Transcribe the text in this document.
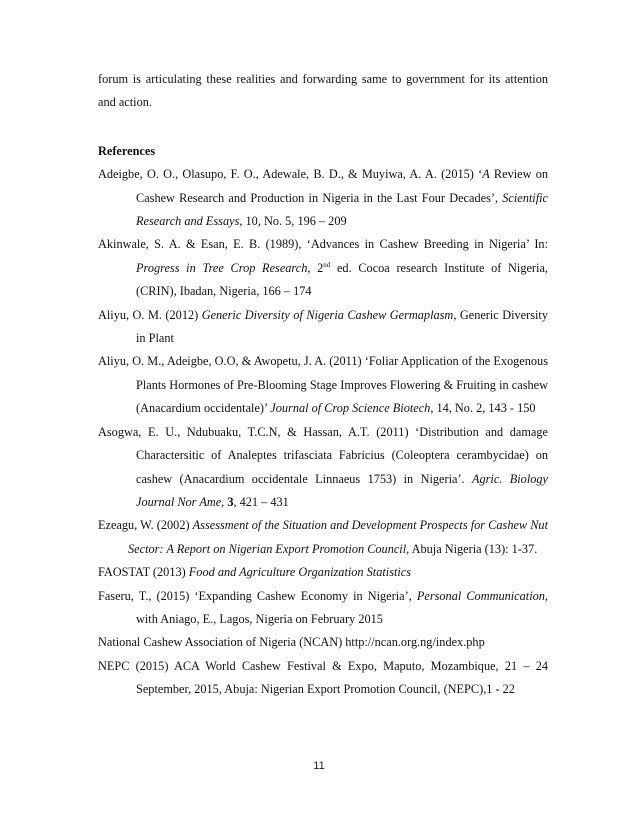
forum is articulating these realities and forwarding same to government for its attention
and action.

References

Adeigbe, O. O., Olasupo, F. O., Adewale, B. D., & Muyiwa, A. A. (2015) ‘A Review on Cashew Research and Production in Nigeria in the Last Four Decades’, Scientific Research and Essays, 10, No. 5, 196 – 209

Akinwale, S. A. & Esan, E. B. (1989), ‘Advances in Cashew Breeding in Nigeria’ In: Progress in Tree Crop Research, 2nd ed. Cocoa research Institute of Nigeria, (CRIN), Ibadan, Nigeria, 166 – 174

Aliyu, O. M. (2012) Generic Diversity of Nigeria Cashew Germaplasm, Generic Diversity in Plant

Aliyu, O. M., Adeigbe, O.O, & Awopetu, J. A. (2011) ‘Foliar Application of the Exogenous Plants Hormones of Pre-Blooming Stage Improves Flowering & Fruiting in cashew (Anacardium occidentale)’ Journal of Crop Science Biotech, 14, No. 2, 143 - 150

Asogwa, E. U., Ndubuaku, T.C.N, & Hassan, A.T. (2011) ‘Distribution and damage Charactersitic of Analeptes trifasciata Fabricius (Coleoptera cerambycidae) on cashew (Anacardium occidentale Linnaeus 1753) in Nigeria’. Agric. Biology Journal Nor Ame, 3, 421 – 431

Ezeagu, W. (2002) Assessment of the Situation and Development Prospects for Cashew Nut Sector: A Report on Nigerian Export Promotion Council, Abuja Nigeria (13): 1-37.

FAOSTAT (2013) Food and Agriculture Organization Statistics

Faseru, T., (2015) ‘Expanding Cashew Economy in Nigeria’, Personal Communication, with Aniago, E., Lagos, Nigeria on February 2015

National Cashew Association of Nigeria (NCAN) http://ncan.org.ng/index.php

NEPC (2015) ACA World Cashew Festival & Expo, Maputo, Mozambique, 21 – 24 September, 2015, Abuja: Nigerian Export Promotion Council, (NEPC),1 - 22

11
